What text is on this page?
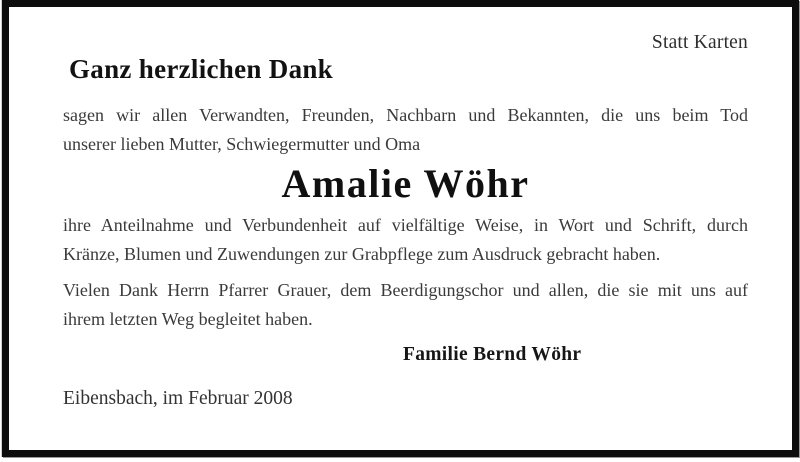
Statt Karten
Ganz herzlichen Dank

sagen wir allen Verwandten, Freunden, Nachbarn und Bekannten, die uns beim Tod
unserer lieben Mutter, Schwiegermutter und Oma

Amalie Wöhr

ihre Anteilnahme und Verbundenheit auf vielfältige Weise, in Wort und Schrift, durch
Kränze, Blumen und Zuwendungen zur Grabpflege zum Ausdruck gebracht haben.

Vielen Dank Herrn Pfarrer Grauer, dem Beerdigungschor und allen, die sie mit uns auf
ihrem letzten Weg begleitet haben.

Familie Bernd Wöhr
Eibensbach, im Februar 2008
